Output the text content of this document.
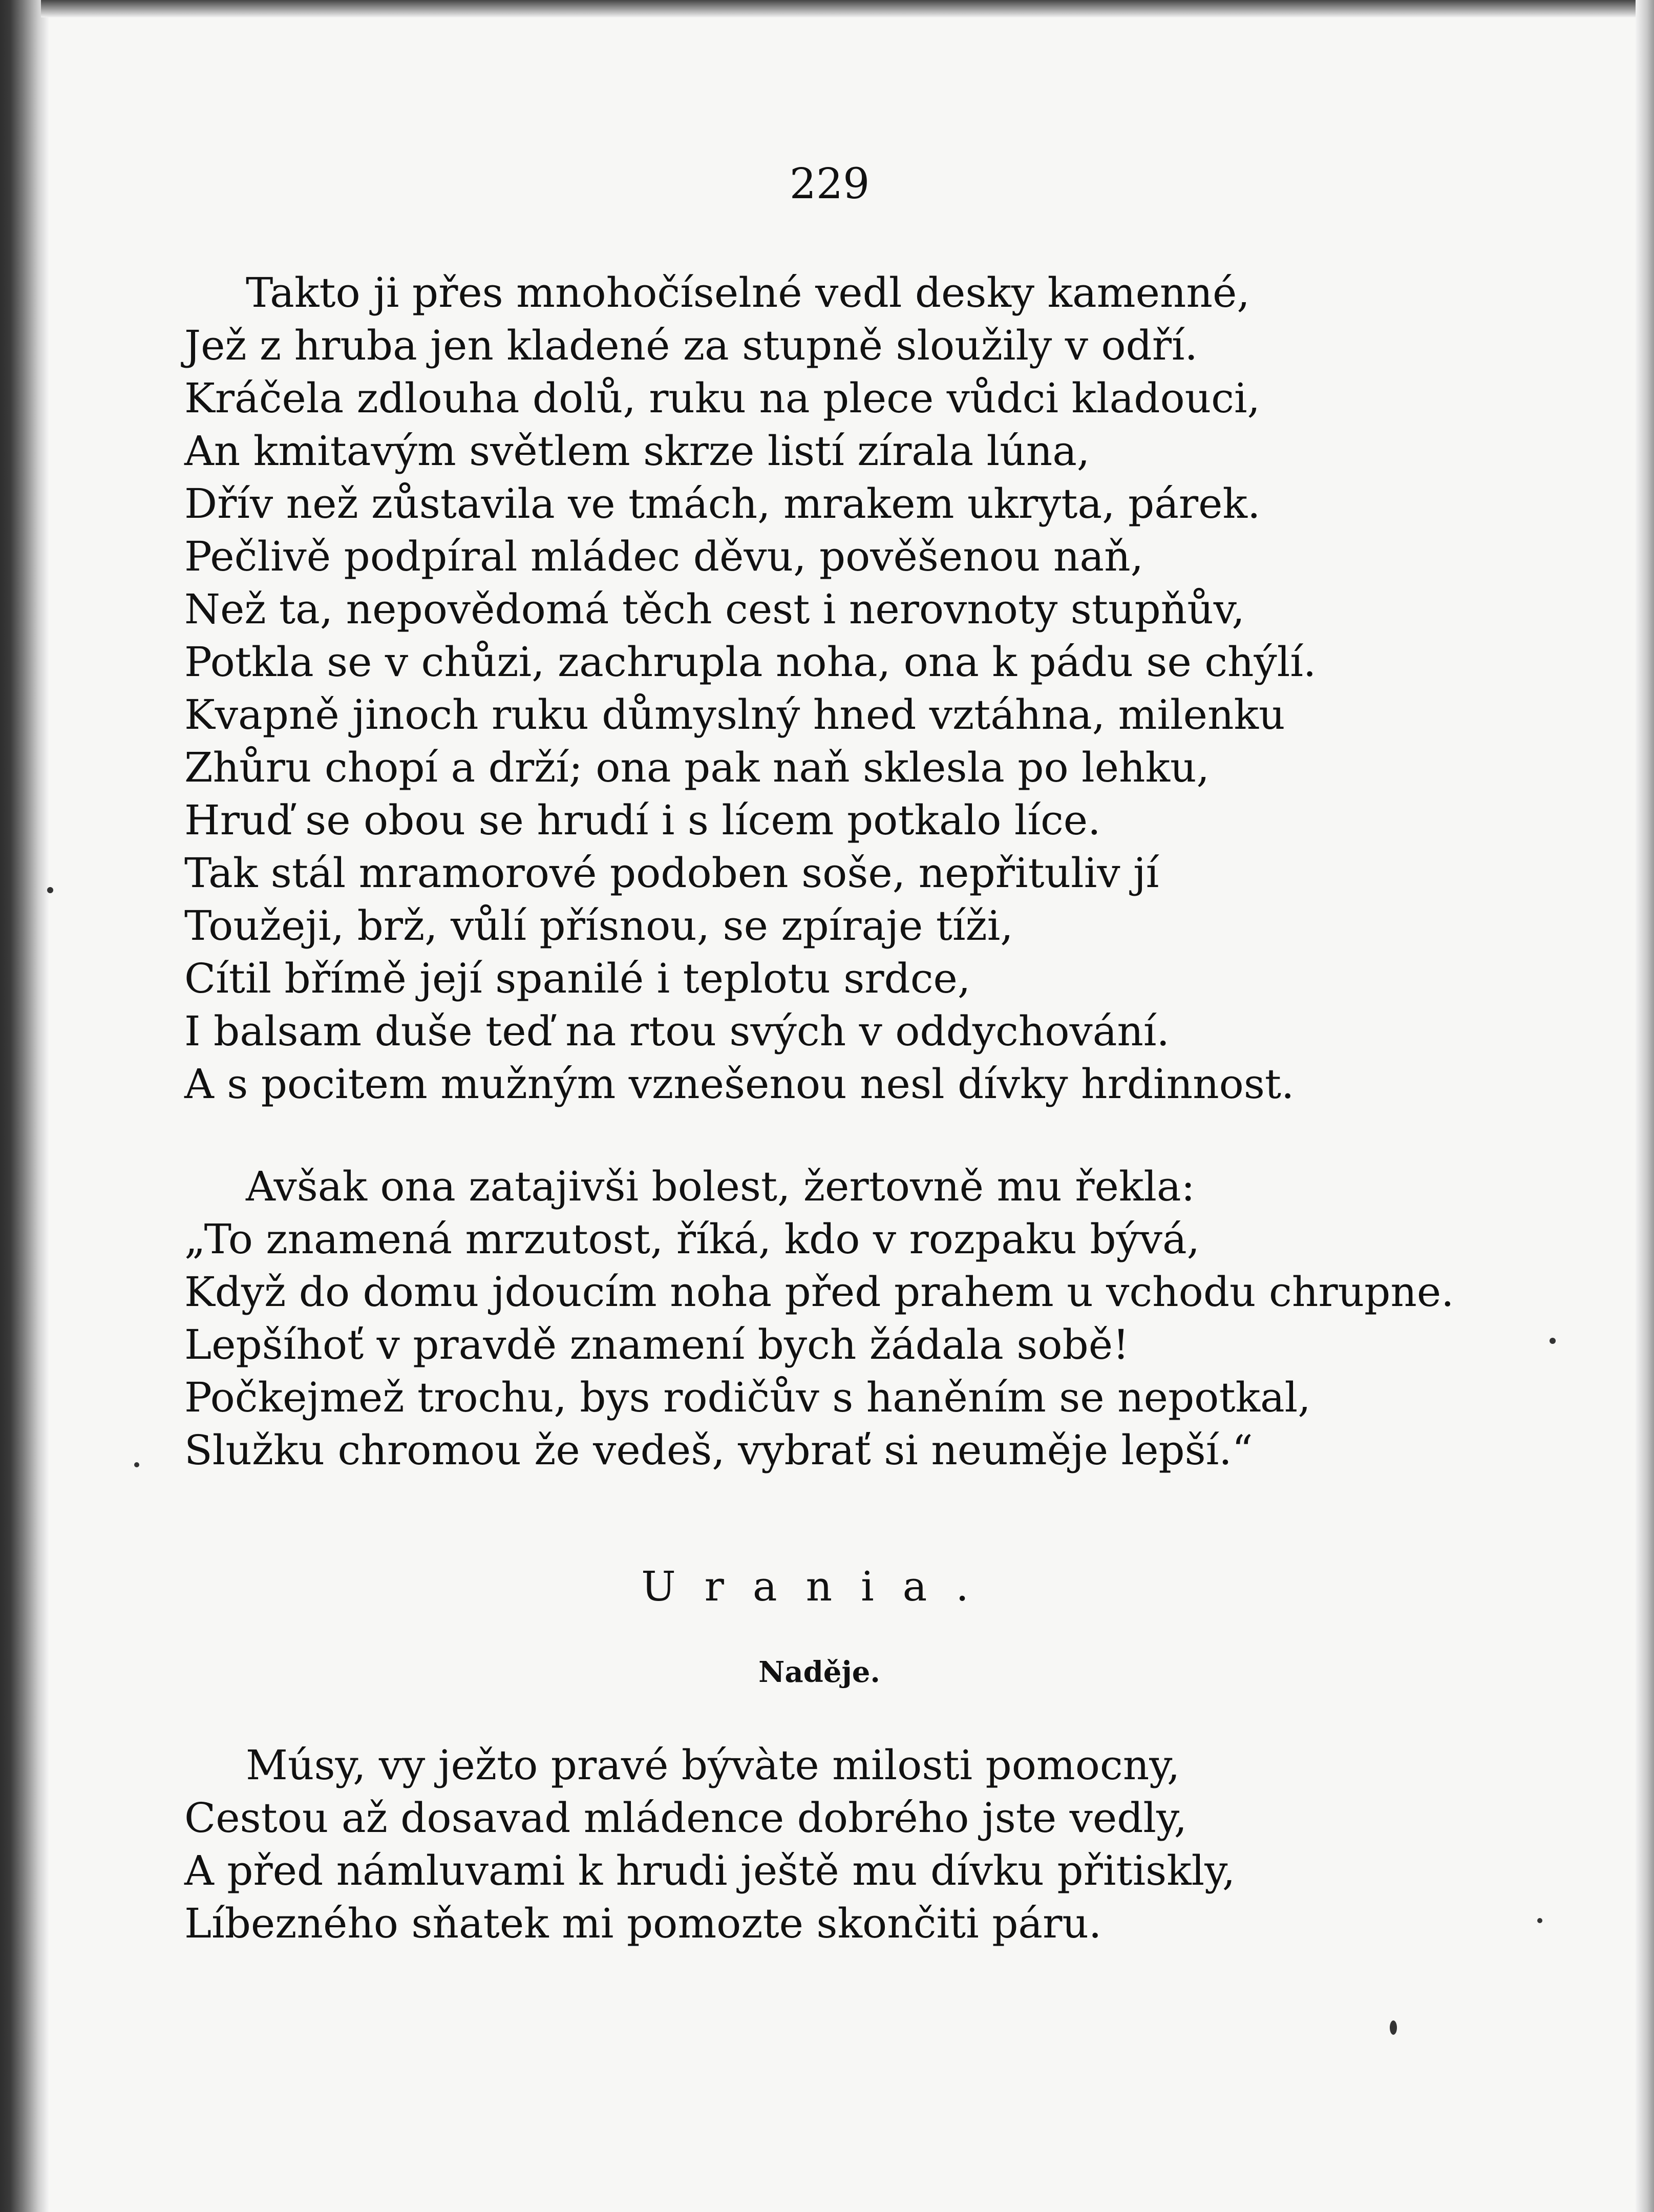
229
Takto ji přes mnohočíselné vedl desky kamenné,
Jež z hruba jen kladené za stupně sloužily v odří.
Kráčela zdlouha dolů, ruku na plece vůdci kladouci,
An kmitavým světlem skrze listí zírala lúna,
Dřív než zůstavila ve tmách, mrakem ukryta, párek.
Pečlivě podpíral mládec děvu, pověšenou naň,
Než ta, nepovědomá těch cest i nerovnoty stupňův,
Potkla se v chůzi, zachrupla noha, ona k pádu se chýlí.
Kvapně jinoch ruku důmyslný hned vztáhna, milenku
Zhůru chopí a drží; ona pak naň sklesla po lehku,
Hruď se obou se hrudí i s lícem potkalo líce.
Tak stál mramorové podoben soše, nepřituliv jí
Toužeji, brž, vůlí přísnou, se zpíraje tíži,
Cítil břímě její spanilé i teplotu srdce,
I balsam duše teď na rtou svých v oddychování.
A s pocitem mužným vznešenou nesl dívky hrdinnost.
Avšak ona zatajivši bolest, žertovně mu řekla:
„To znamená mrzutost, říká, kdo v rozpaku bývá,
Když do domu jdoucím noha před prahem u vchodu chrupne.
Lepšíhoť v pravdě znamení bych žádala sobě!
Počkejmež trochu, bys rodičův s haněním se nepotkal,
Služku chromou že vedeš, vybrať si neuměje lepší.“
Urania.
Naděje.
Músy, vy ježto pravé bývàte milosti pomocny,
Cestou až dosavad mládence dobrého jste vedly,
A před námluvami k hrudi ještě mu dívku přitiskly,
Líbezného sňatek mi pomozte skončiti páru.
